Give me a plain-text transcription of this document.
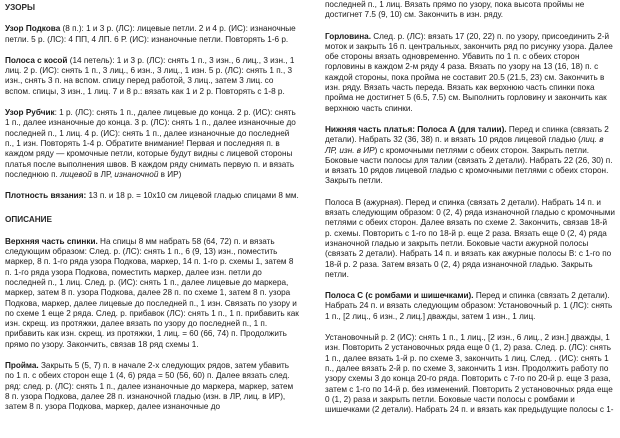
УЗОРЫ

Узор Подкова (8 п.): 1 и 3 р. (ЛС): лицевые петли. 2 и 4 р. (ИС): изнаночные петли. 5 р. (ЛС): 4 ПП, 4 ЛП. 6 Р. (ИС): изнаночные петли. Повторять 1-6 р.

Полоса с косой (14 петель): 1 и 3 р. (ЛС): снять 1 п., 3 изн., 6 лиц., 3 изн., 1 лиц. 2 р. (ИС): снять 1 п., 3 лиц., 6 изн., 3 лиц., 1 изн. 5 р. (ЛС): снять 1 п., 3 изн., снять 3 п. на вспом. спицу перед работой, 3 лиц., затем 3 лиц. со вспом. спицы, 3 изн., 1 лиц. 7 и 8 р.: вязать как 1 и 2 р. Повторять с 1-8 р.

Узор Рубчик: 1 р. (ЛС): снять 1 п., далее лицевые до конца. 2 р. (ИС): снять 1 п., далее изнаночные до конца. 3 р. (ЛС): снять 1 п., далее изнаночные до последней п., 1 лиц. 4 р. (ИС): снять 1 п., далее изнаночные до последней п., 1 изн. Повторять 1-4 р. Обратите внимание! Первая и последняя п. в каждом ряду — кромочные петли, которые будут видны с лицевой стороны платья после выполнения швов. В каждом ряду снимать первую п. и вязать последнюю п. лицевой в ЛР, изнаночной в ИР)

Плотность вязания: 13 п. и 18 р. = 10х10 см лицевой гладью спицами 8 мм.

ОПИСАНИЕ

Верхняя часть спинки. На спицы 8 мм набрать 58 (64, 72) п. и вязать следующим образом: След. р. (ЛС): снять 1 п., 6 (9, 13) изн., поместить маркер, 8 п. 1-го ряда узора Подкова, маркер, 14 п. 1-го р. схемы 1, затем 8 п. 1-го ряда узора Подкова, поместить маркер, далее изн. петли до последней п., 1 лиц. След. р. (ИС): снять 1 п., далее лицевые до маркера, маркер, затем 8 п. узора Подкова, далее 28 п. по схеме 1, затем 8 п. узора Подкова, маркер, далее лицевые до последней п., 1 изн. Связать по узору и по схеме 1 еще 2 ряда. След. р. прибавок (ЛС): снять 1 п., 1 п. прибавить как изн. скрещ. из протяжки, далее вязать по узору до последней п., 1 п. прибавить как изн. скрещ. из протяжки, 1 лиц. = 60 (66, 74) п. Продолжить прямо по узору. Закончить, связав 18 ряд схемы 1.

Пройма. Закрыть 5 (5, 7) п. в начале 2-х следующих рядов, затем убавить по 1 п. с обеих сторон еще 1 (4, 6) ряда = 50 (56, 60) п. Далее вязать след. ряд: след. р. (ЛС): снять 1 п., далее изнаночные до маркера, маркер, затем 8 п. узора Подкова, далее 28 п. изнаночной гладью (изн. в ЛР, лиц. в ИР), затем 8 п. узора Подкова, маркер, далее изнаночные до

последней п., 1 лиц. Вязать прямо по узору, пока высота проймы не достигнет 7.5 (9, 10) см. Закончить в изн. ряду.

Горловина. След. р. (ЛС): вязать 17 (20, 22) п. по узору, присоединить 2-й моток и закрыть 16 п. центральных, закончить ряд по рисунку узора. Далее обе стороны вязать одновременно. Убавить по 1 п. с обеих сторон горловины в каждом 2-м ряду 4 раза. Вязать по узору на 13 (16, 18) п. с каждой стороны, пока пройма не составит 20.5 (21.5, 23) см. Закончить в изн. ряду. Вязать часть переда. Вязать как верхнюю часть спинки пока пройма не достигнет 5 (6.5, 7.5) см. Выполнить горловину и закончить как верхнюю часть спинки.

Нижняя часть платья: Полоса А (для талии). Перед и спинка (связать 2 детали). Набрать 32 (36, 38) п. и вязать 10 рядов лицевой гладью (лиц. в ЛР, изн. в ИР) с кромочными петлями с обеих сторон. Закрыть петли. Боковые части полосы для талии (связать 2 детали). Набрать 22 (26, 30) п. и вязать 10 рядов лицевой гладью с кромочными петлями с обеих сторон. Закрыть петли.

Полоса В (ажурная). Перед и спинка (связать 2 детали). Набрать 14 п. и вязать следующим образом: 0 (2, 4) ряда изнаночной гладью с кромочными петлями с обеих сторон. Далее вязать по схеме 2. Закончить, связав 18-й р. схемы. Повторить с 1-го по 18-й р. еще 2 раза. Вязать еще 0 (2, 4) ряда изнаночной гладью и закрыть петли. Боковые части ажурной полосы (связать 2 детали). Набрать 14 п. и вязать как ажурные полосы В: с 1-го по 18-й р. 2 раза. Затем вязать 0 (2, 4) ряда изнаночной гладью. Закрыть петли.

Полоса С (с ромбами и шишечками). Перед и спинка (связать 2 детали). Набрать 24 п. и вязать следующим образом: Установочный р. 1 (ЛС): снять 1 п., [2 лиц., 6 изн., 2 лиц.] дважды, затем 1 изн., 1 лиц.

Установочный р. 2 (ИС): снять 1 п., 1 лиц., [2 изн., 6 лиц., 2 изн.] дважды, 1 изн. Повторить 2 установочных ряда еще 0 (1, 2) раза. След. р. (ЛС): снять 1 п., далее вязать 1-й р. по схеме 3, закончить 1 лиц. След. . (ИС): снять 1 п., далее вязать 2-й р. по схеме 3, закончить 1 изн. Продолжить работу по узору схемы 3 до конца 20-го ряда. Повторить с 7-го по 20-й р. еще 3 раза, затем с 1-го по 14-й р. без изменений. Повторить 2 установочных ряда еще 0 (1, 2) раза и закрыть петли. Боковые части полосы с ромбами и шишечками (2 детали). Набрать 24 п. и вязать как предыдущие полосы с 1-
